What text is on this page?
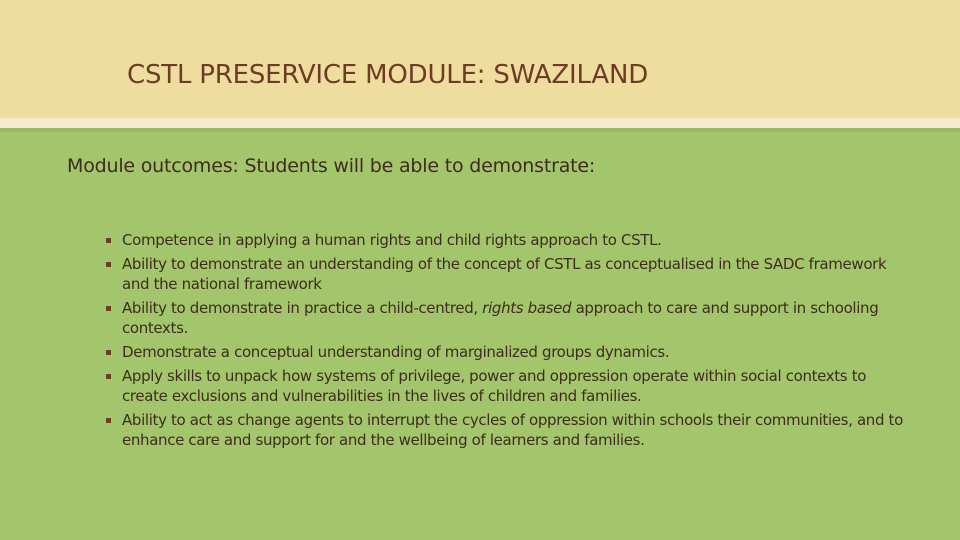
CSTL PRESERVICE MODULE: SWAZILAND

Module outcomes: Students will be able to demonstrate:

Competence in applying a human rights and child rights approach to CSTL.
Ability to demonstrate an understanding of the concept of CSTL as conceptualised in the SADC framework and the national framework
Ability to demonstrate in practice a child-centred, rights based approach to care and support in schooling contexts.
Demonstrate a conceptual understanding of marginalized groups dynamics.
Apply skills to unpack how systems of privilege, power and oppression operate within social contexts to create exclusions and vulnerabilities in the lives of children and families.
Ability to act as change agents to interrupt the cycles of oppression within schools their communities, and to enhance care and support for and the wellbeing of learners and families.
